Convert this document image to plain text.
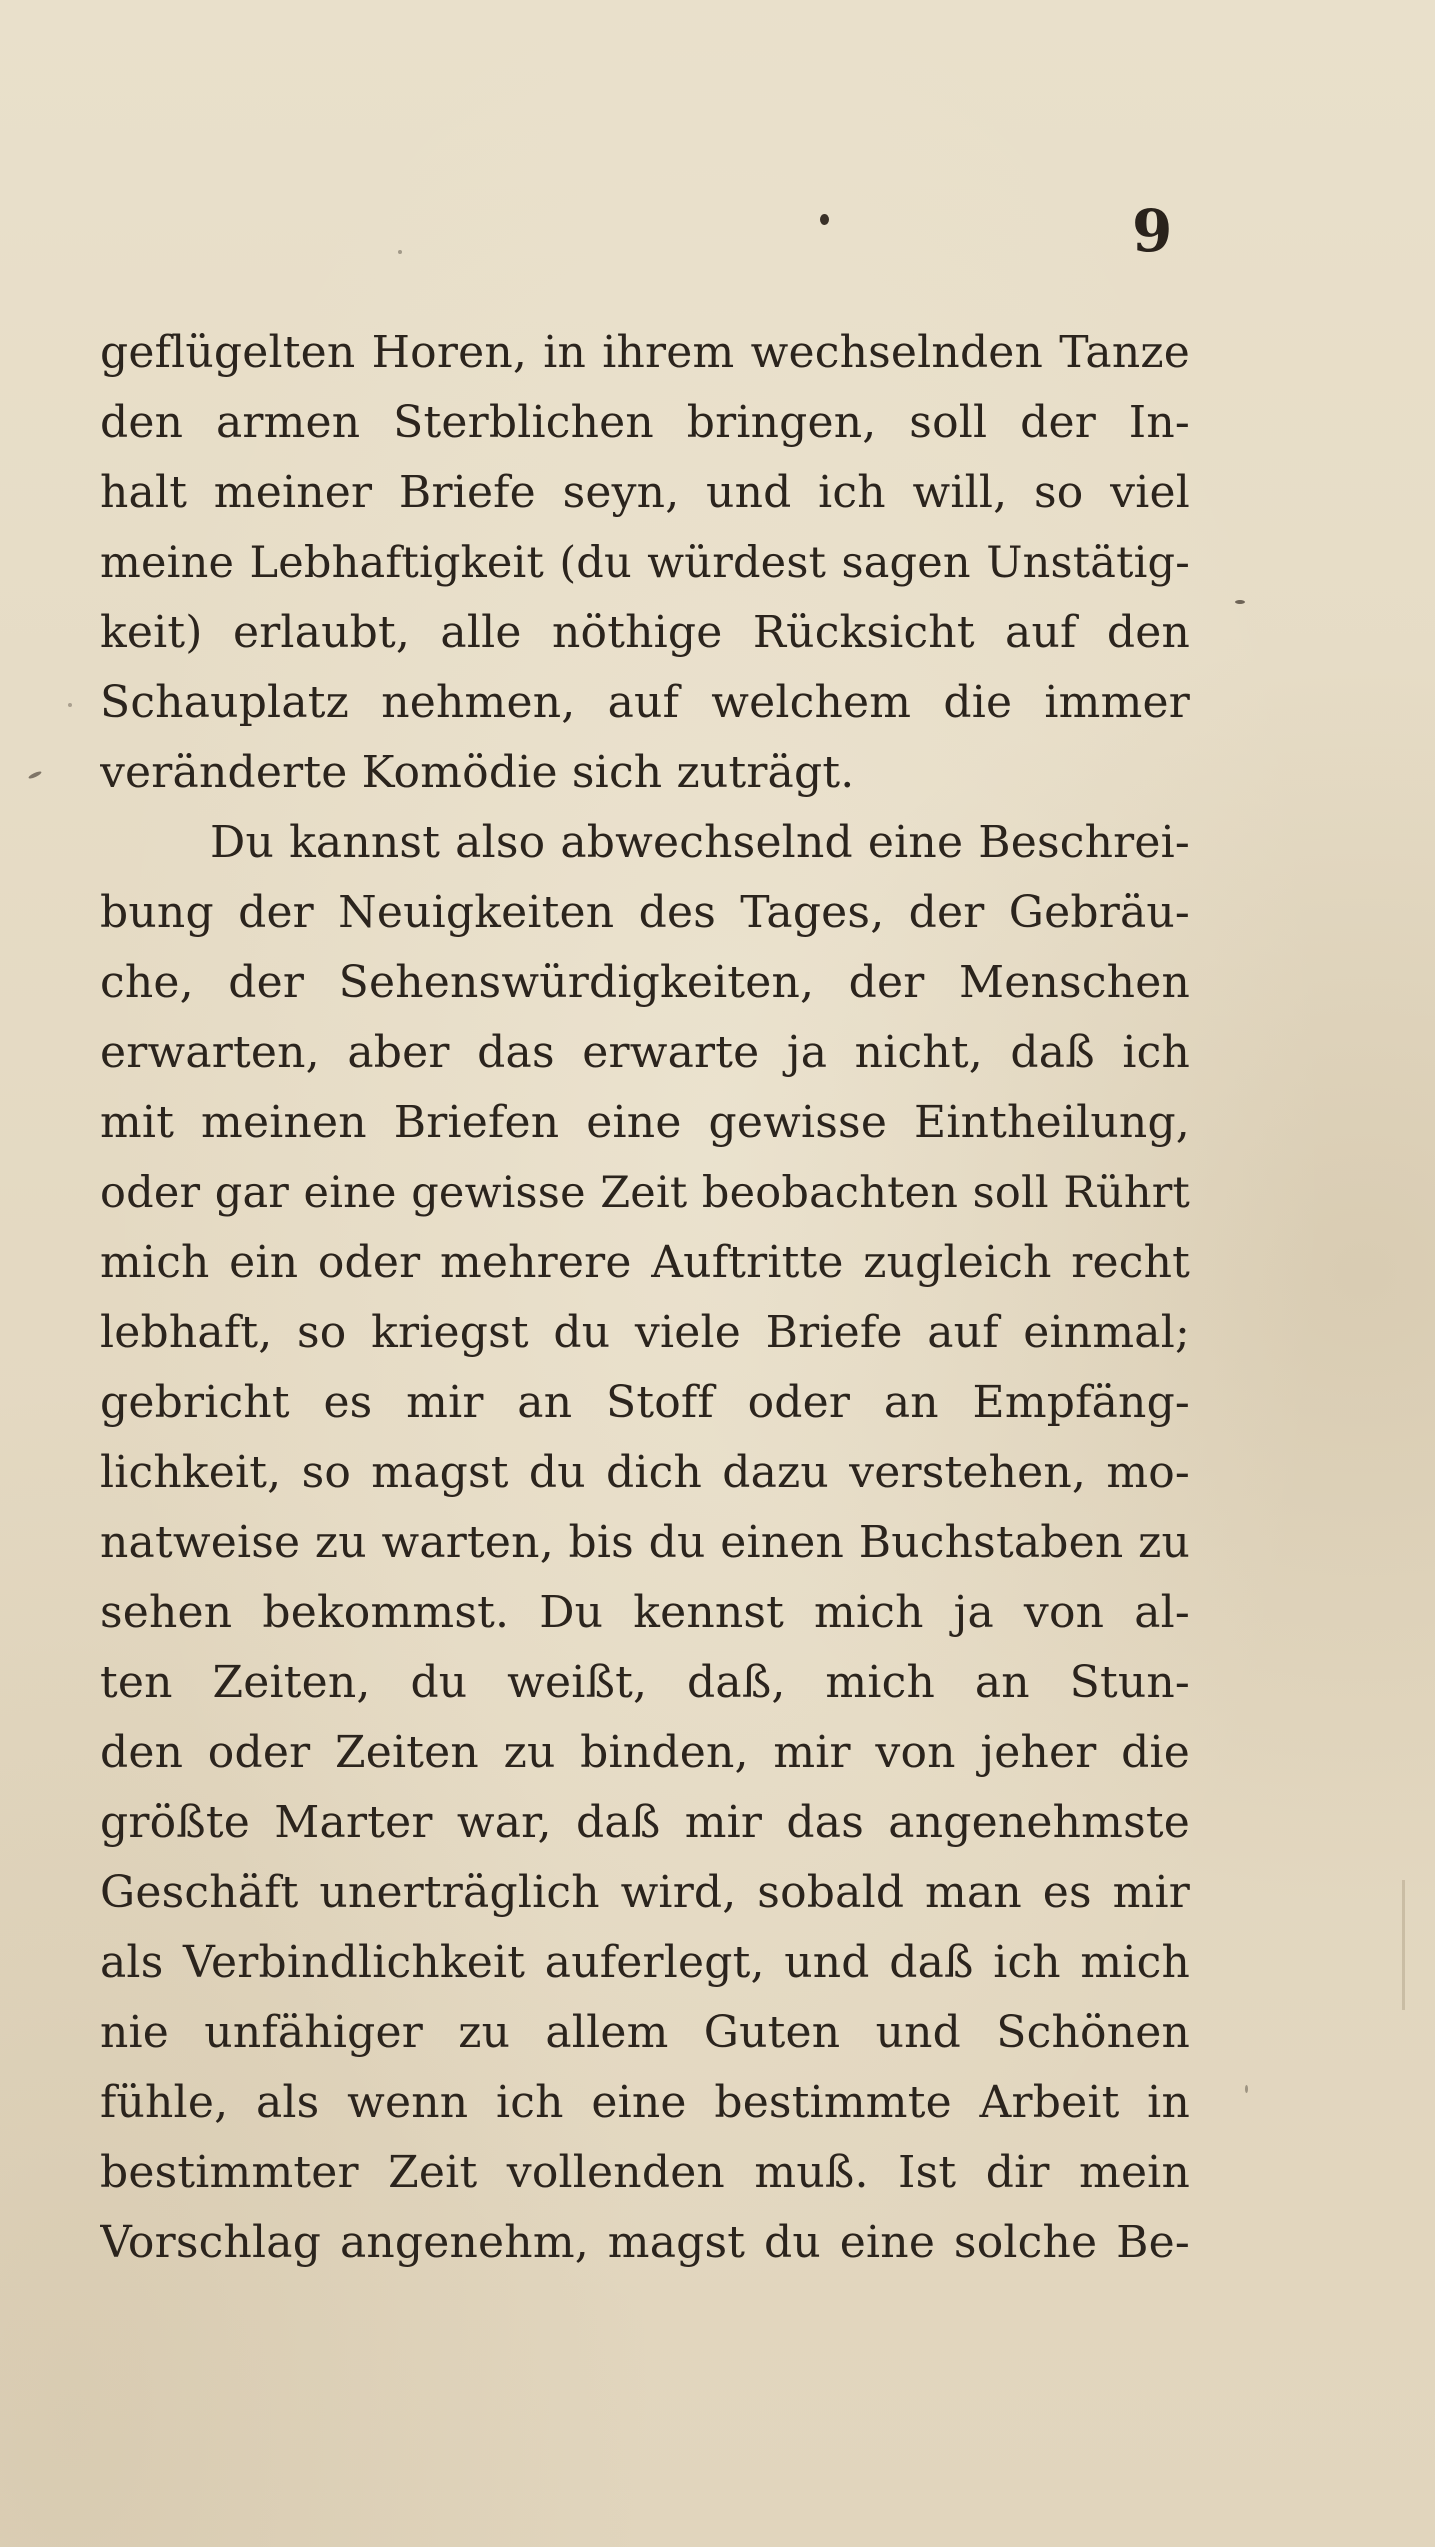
9
geflügelten Horen, in ihrem wechselnden Tanze
den armen Sterblichen bringen, soll der In-
halt meiner Briefe seyn, und ich will, so viel
meine Lebhaftigkeit (du würdest sagen Unstätig-
keit) erlaubt, alle nöthige Rücksicht auf den
Schauplatz nehmen, auf welchem die immer
veränderte Komödie sich zuträgt.
Du kannst also abwechselnd eine Beschrei-
bung der Neuigkeiten des Tages, der Gebräu-
che, der Sehenswürdigkeiten, der Menschen
erwarten, aber das erwarte ja nicht, daß ich
mit meinen Briefen eine gewisse Eintheilung,
oder gar eine gewisse Zeit beobachten soll Rührt
mich ein oder mehrere Auftritte zugleich recht
lebhaft, so kriegst du viele Briefe auf einmal;
gebricht es mir an Stoff oder an Empfäng-
lichkeit, so magst du dich dazu verstehen, mo-
natweise zu warten, bis du einen Buchstaben zu
sehen bekommst. Du kennst mich ja von al-
ten Zeiten, du weißt, daß, mich an Stun-
den oder Zeiten zu binden, mir von jeher die
größte Marter war, daß mir das angenehmste
Geschäft unerträglich wird, sobald man es mir
als Verbindlichkeit auferlegt, und daß ich mich
nie unfähiger zu allem Guten und Schönen
fühle, als wenn ich eine bestimmte Arbeit in
bestimmter Zeit vollenden muß. Ist dir mein
Vorschlag angenehm, magst du eine solche Be-
